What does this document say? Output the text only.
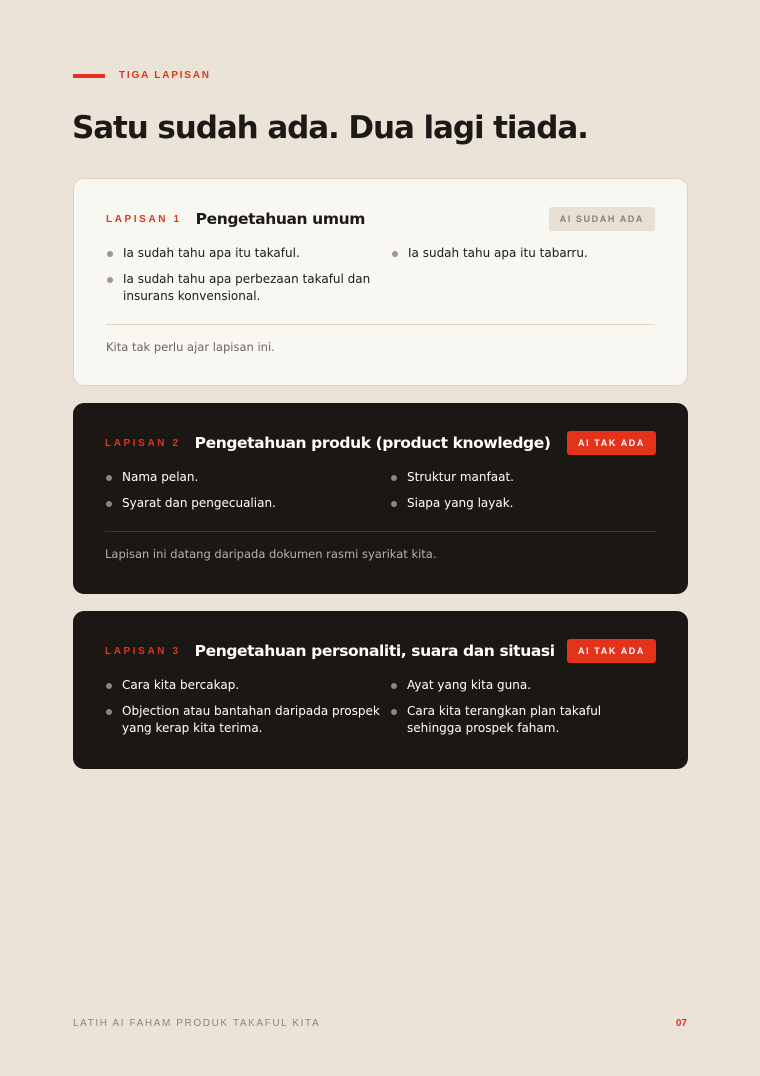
TIGA LAPISAN
Satu sudah ada. Dua lagi tiada.
LAPISAN 1 Pengetahuan umum	AI SUDAH ADA
Ia sudah tahu apa itu takaful.	Ia sudah tahu apa itu tabarru.
Ia sudah tahu apa perbezaan takaful dan insurans konvensional.
Kita tak perlu ajar lapisan ini.
LAPISAN 2 Pengetahuan produk (product knowledge)	AI TAK ADA
Nama pelan.	Struktur manfaat.
Syarat dan pengecualian.	Siapa yang layak.
Lapisan ini datang daripada dokumen rasmi syarikat kita.
LAPISAN 3 Pengetahuan personaliti, suara dan situasi	AI TAK ADA
Cara kita bercakap.	Ayat yang kita guna.
Objection atau bantahan daripada prospek yang kerap kita terima.
Cara kita terangkan plan takaful sehingga prospek faham.
LATIH AI FAHAM PRODUK TAKAFUL KITA	07
